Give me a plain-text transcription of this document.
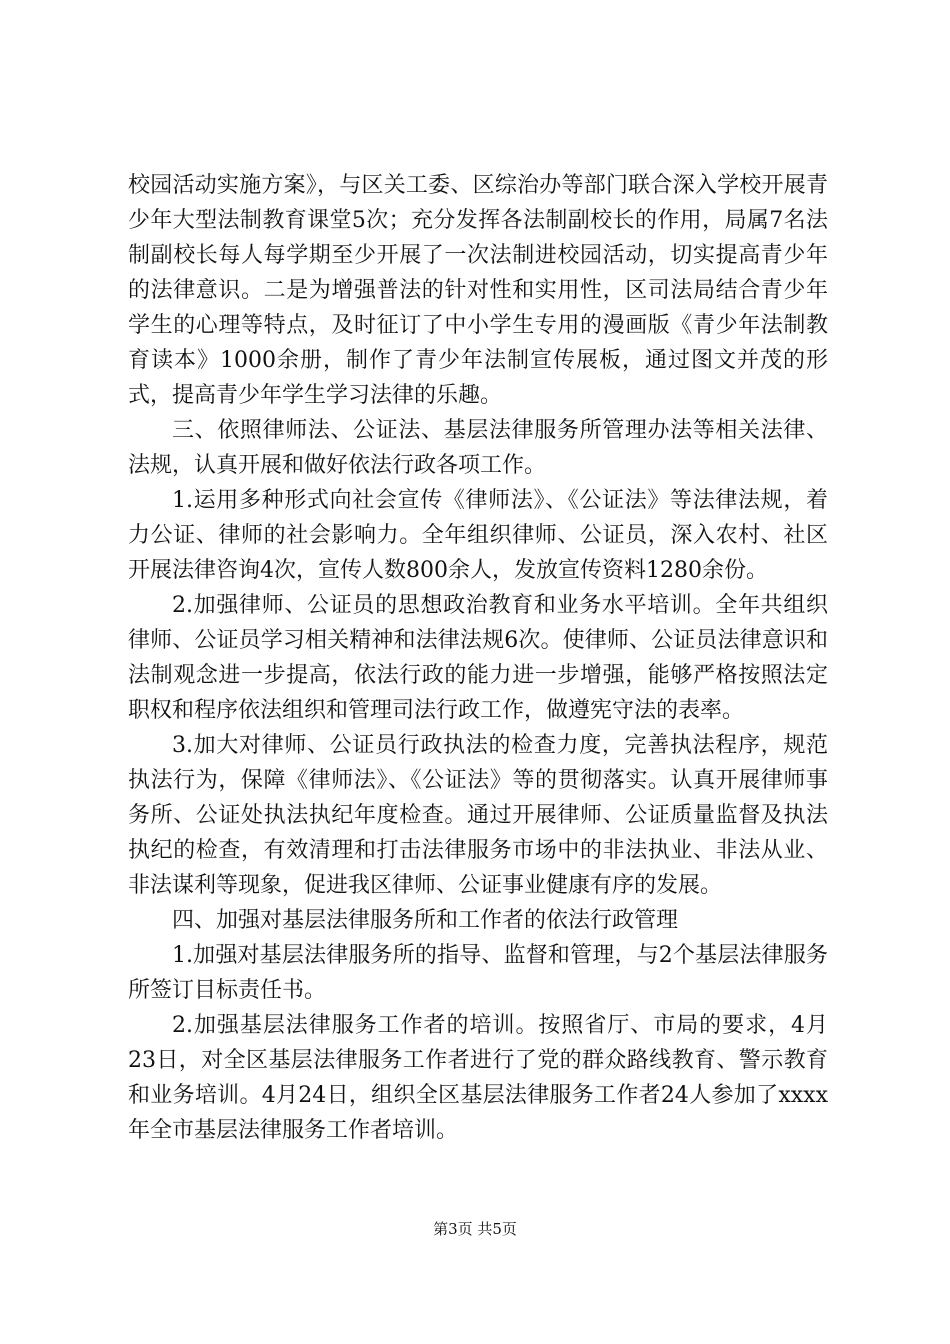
校园活动实施方案》，与区关工委、区综治办等部门联合深入学校开展青少年大型法制教育课堂5次；充分发挥各法制副校长的作用，局属7名法制副校长每人每学期至少开展了一次法制进校园活动，切实提高青少年的法律意识。二是为增强普法的针对性和实用性，区司法局结合青少年学生的心理等特点，及时征订了中小学生专用的漫画版《青少年法制教育读本》1000余册，制作了青少年法制宣传展板，通过图文并茂的形式，提高青少年学生学习法律的乐趣。

三、依照律师法、公证法、基层法律服务所管理办法等相关法律、法规，认真开展和做好依法行政各项工作。

1.运用多种形式向社会宣传《律师法》、《公证法》等法律法规，着力公证、律师的社会影响力。全年组织律师、公证员，深入农村、社区开展法律咨询4次，宣传人数800余人，发放宣传资料1280余份。

2.加强律师、公证员的思想政治教育和业务水平培训。全年共组织律师、公证员学习相关精神和法律法规6次。使律师、公证员法律意识和法制观念进一步提高，依法行政的能力进一步增强，能够严格按照法定职权和程序依法组织和管理司法行政工作，做遵宪守法的表率。

3.加大对律师、公证员行政执法的检查力度，完善执法程序，规范执法行为，保障《律师法》、《公证法》等的贯彻落实。认真开展律师事务所、公证处执法执纪年度检查。通过开展律师、公证质量监督及执法执纪的检查，有效清理和打击法律服务市场中的非法执业、非法从业、非法谋利等现象，促进我区律师、公证事业健康有序的发展。

四、加强对基层法律服务所和工作者的依法行政管理

1.加强对基层法律服务所的指导、监督和管理，与2个基层法律服务所签订目标责任书。

2.加强基层法律服务工作者的培训。按照省厅、市局的要求，4月23日，对全区基层法律服务工作者进行了党的群众路线教育、警示教育和业务培训。4月24日，组织全区基层法律服务工作者24人参加了xxxx年全市基层法律服务工作者培训。

第3页 共5页
